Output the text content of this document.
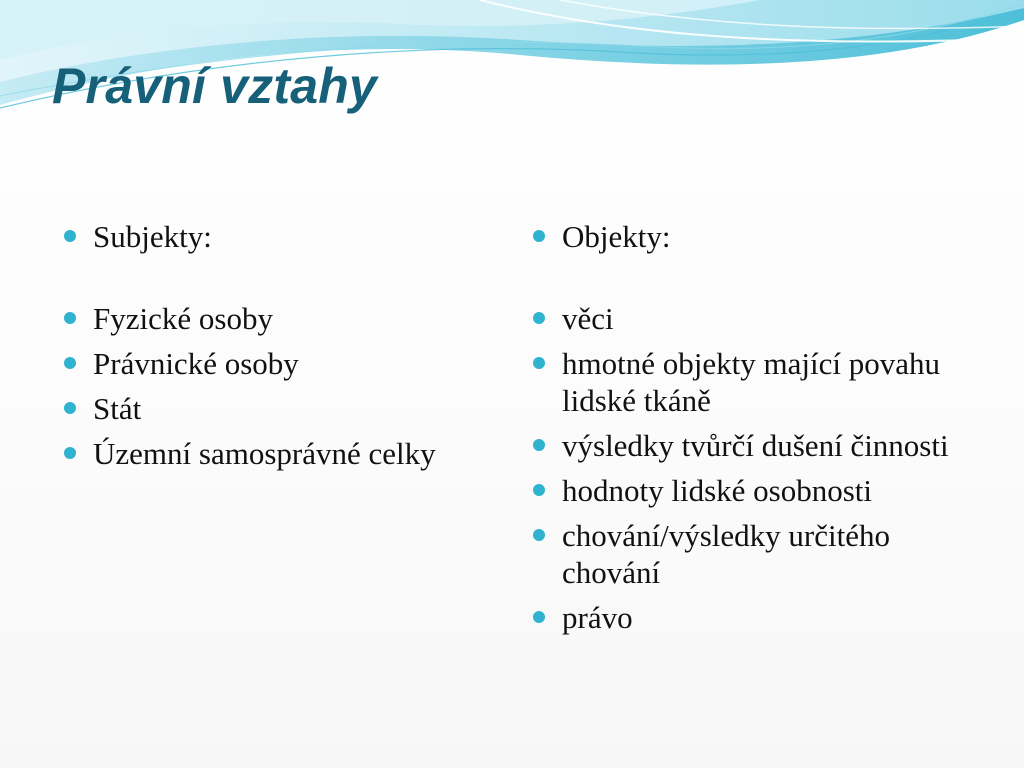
Právní vztahy
Subjekty:
Fyzické osoby
Právnické osoby
Stát
Územní samosprávné celky
Objekty:
věci
hmotné objekty mající povahu lidské tkáně
výsledky tvůrčí dušení činnosti
hodnoty lidské osobnosti
chování/výsledky určitého chování
právo
